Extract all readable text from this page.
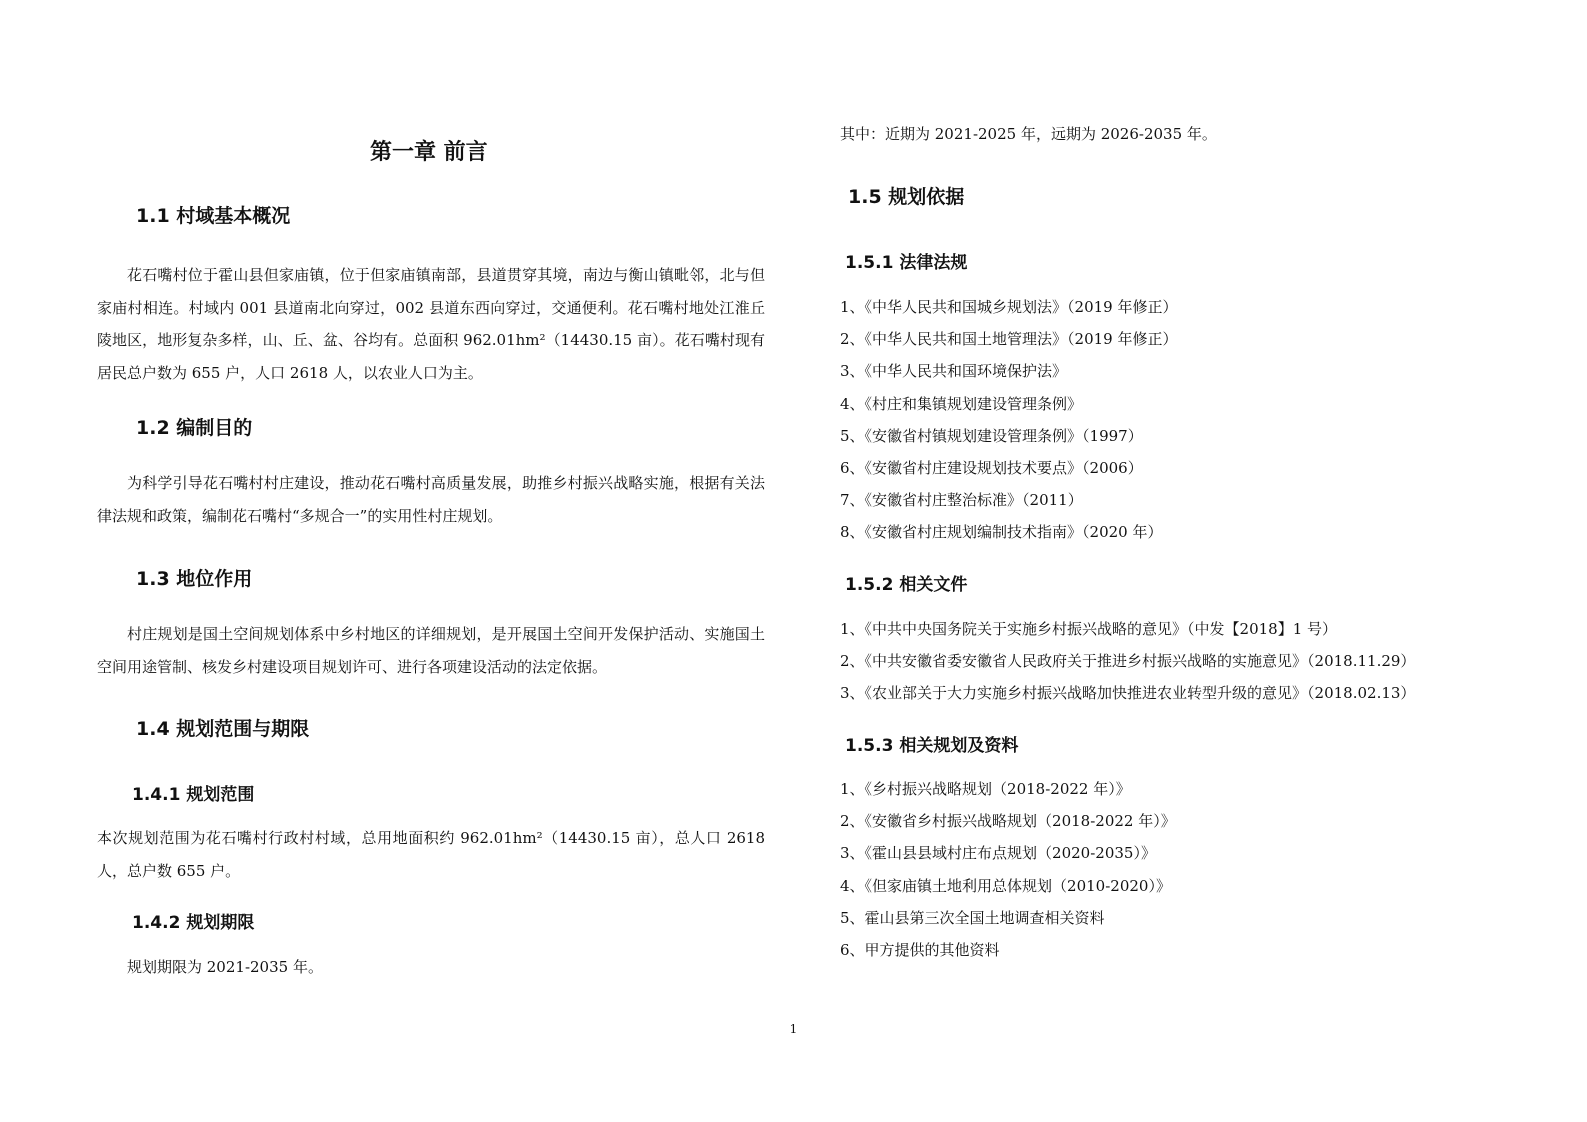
第一章 前言
1.1 村域基本概况
花石嘴村位于霍山县但家庙镇，位于但家庙镇南部，县道贯穿其境，南边与衡山镇毗邻，北与但家庙村相连。村域内 001 县道南北向穿过，002 县道东西向穿过，交通便利。花石嘴村地处江淮丘陵地区，地形复杂多样，山、丘、盆、谷均有。总面积 962.01hm²（14430.15 亩）。花石嘴村现有居民总户数为 655 户，人口 2618 人，以农业人口为主。
1.2 编制目的
为科学引导花石嘴村村庄建设，推动花石嘴村高质量发展，助推乡村振兴战略实施，根据有关法律法规和政策，编制花石嘴村“多规合一”的实用性村庄规划。
1.3 地位作用
村庄规划是国土空间规划体系中乡村地区的详细规划，是开展国土空间开发保护活动、实施国土空间用途管制、核发乡村建设项目规划许可、进行各项建设活动的法定依据。
1.4 规划范围与期限
1.4.1 规划范围
本次规划范围为花石嘴村行政村村域，总用地面积约 962.01hm²（14430.15 亩），总人口 2618 人，总户数 655 户。
1.4.2 规划期限
规划期限为 2021-2035 年。
其中：近期为 2021-2025 年，远期为 2026-2035 年。
1.5 规划依据
1.5.1 法律法规
1、《中华人民共和国城乡规划法》（2019 年修正）
2、《中华人民共和国土地管理法》（2019 年修正）
3、《中华人民共和国环境保护法》
4、《村庄和集镇规划建设管理条例》
5、《安徽省村镇规划建设管理条例》（1997）
6、《安徽省村庄建设规划技术要点》（2006）
7、《安徽省村庄整治标准》（2011）
8、《安徽省村庄规划编制技术指南》（2020 年）
1.5.2 相关文件
1、《中共中央国务院关于实施乡村振兴战略的意见》（中发【2018】1 号）
2、《中共安徽省委安徽省人民政府关于推进乡村振兴战略的实施意见》（2018.11.29）
3、《农业部关于大力实施乡村振兴战略加快推进农业转型升级的意见》（2018.02.13）
1.5.3 相关规划及资料
1、《乡村振兴战略规划（2018-2022 年）》
2、《安徽省乡村振兴战略规划（2018-2022 年）》
3、《霍山县县域村庄布点规划（2020-2035）》
4、《但家庙镇土地利用总体规划（2010-2020）》
5、霍山县第三次全国土地调查相关资料
6、甲方提供的其他资料
1
